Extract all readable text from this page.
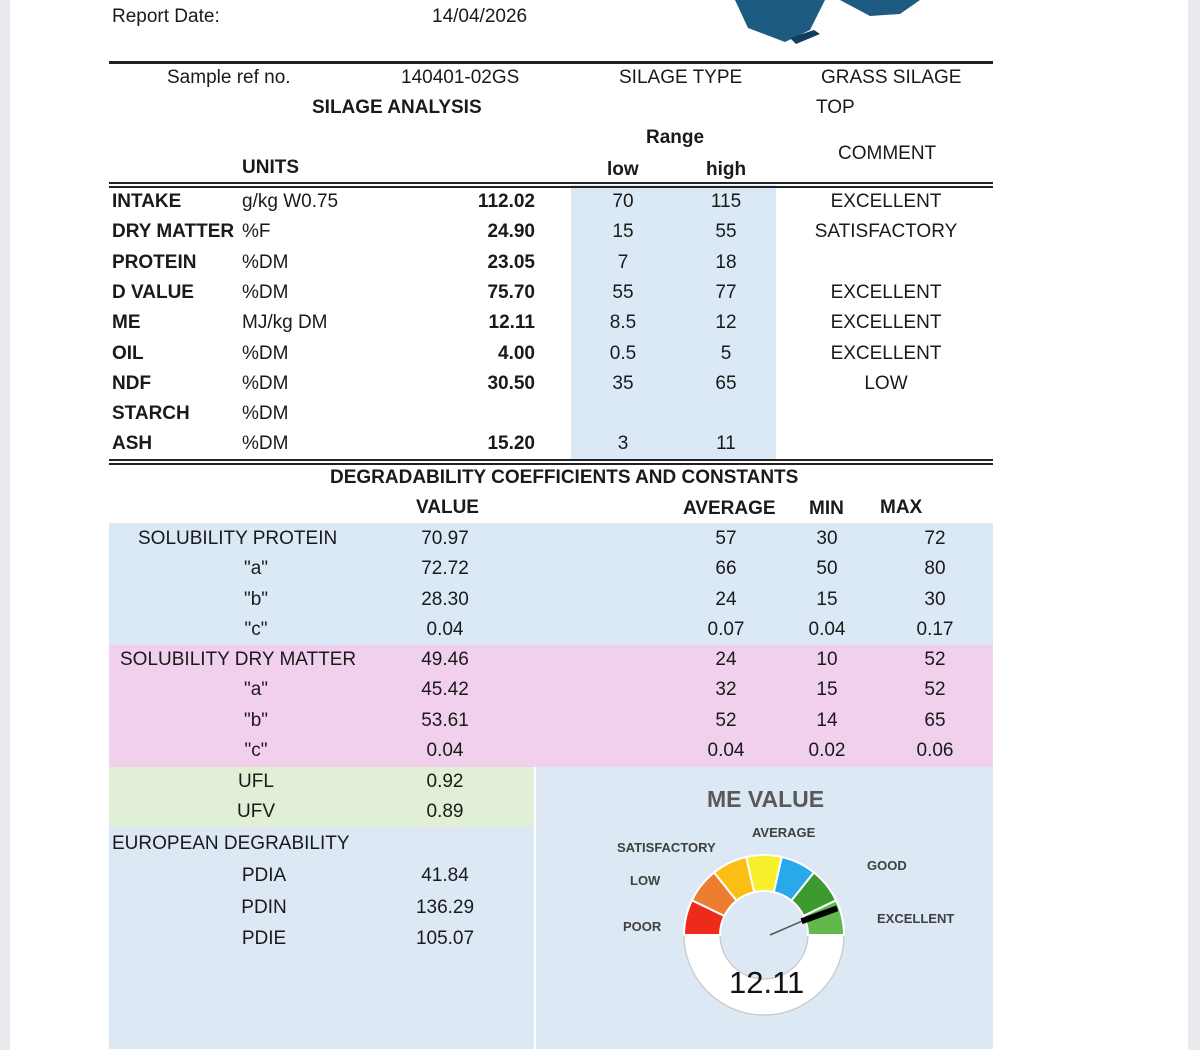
Report Date:	14/04/2026
Sample ref no.	140401-02GS	SILAGE TYPE	GRASS SILAGE
SILAGE ANALYSIS	TOP
Range
UNITS	low	high
COMMENT
INTAKE	g/kg W0.75	112.02	70	115	EXCELLENT
DRY MATTER %F	24.90	15	55	SATISFACTORY
PROTEIN %DM	23.05	7	18
D VALUE	%DM	75.70	55	77	EXCELLENT
ME	MJ/kg DM	12.11	8.5	12	EXCELLENT
OIL	%DM	4.00	0.5	5	EXCELLENT
NDF	%DM	30.50	35	65	LOW
STARCH	%DM
ASH	%DM	15.20	3	11
DEGRADABILITY COEFFICIENTS AND CONSTANTS
VALUE	AVERAGE MIN MAX
SOLUBILITY PROTEIN	70.97	57	30	72
"a"	72.72	66	50	80
"b"	28.30	24	15	30
"c"	0.04	0.07	0.04	0.17
SOLUBILITY DRY MATTER	49.46	24	10	52
"a"	45.42	32	15	52
"b"	53.61	52	14	65
"c"	0.04	0.04	0.02	0.06
UFL	0.92
UFV	0.89
EUROPEAN DEGRABILITY
PDIA	41.84
PDIN	136.29
PDIE	105.07
ME VALUE
AVERAGE
SATISFACTORY
GOOD
LOW
EXCELLENT
POOR
12.11
